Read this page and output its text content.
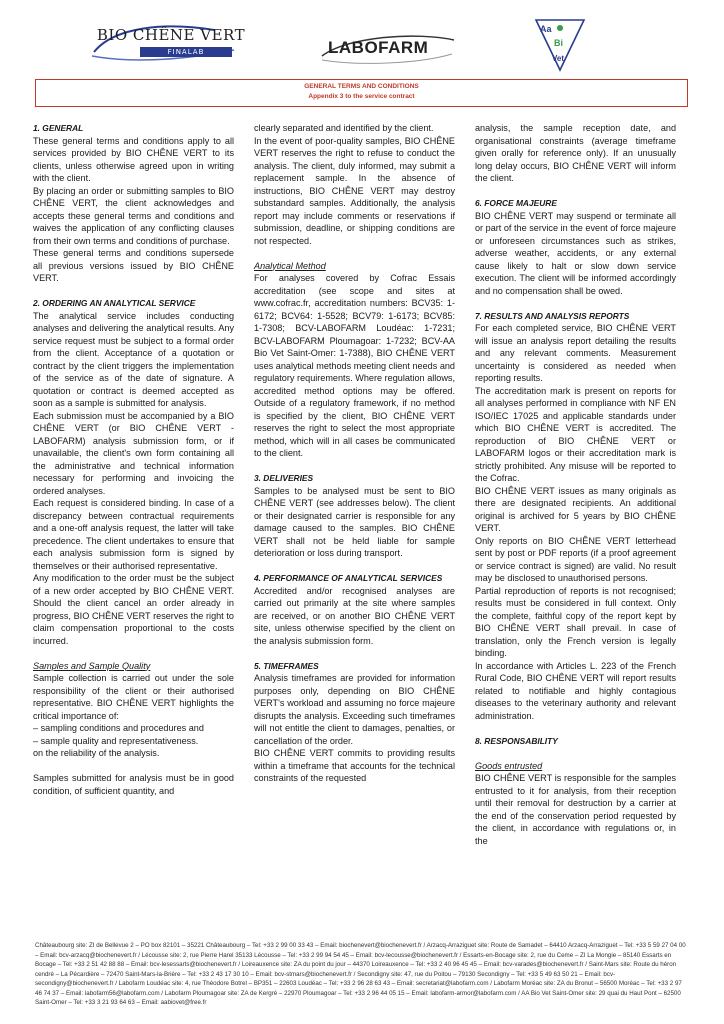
BIO CHÊNE VERT
FINALAB	LABOFARM
Aa
Bi
Vet
GENERAL TERMS AND CONDITIONS
Appendix 3 to the service contract
1. GENERAL
These general terms and conditions apply to all services provided by BIO CHÊNE VERT to its clients, unless otherwise agreed upon in writing with the client.
By placing an order or submitting samples to BIO CHÊNE VERT, the client acknowledges and accepts these general terms and conditions and waives the application of any conflicting clauses from their own terms and conditions of purchase.
These general terms and conditions supersede all previous versions issued by BIO CHÊNE VERT.
2. ORDERING AN ANALYTICAL SERVICE
The analytical service includes conducting analyses and delivering the analytical results. Any service request must be subject to a formal order from the client. Acceptance of a quotation or contract by the client triggers the implementation of the service as of the date of signature. A quotation or contract is deemed accepted as soon as a sample is submitted for analysis.
Each submission must be accompanied by a BIO CHÊNE VERT (or BIO CHÊNE VERT - LABOFARM) analysis submission form, or if unavailable, the client's own form containing all the administrative and technical information necessary for performing and invoicing the ordered analyses.
Each request is considered binding. In case of a discrepancy between contractual requirements and a one-off analysis request, the latter will take precedence. The client undertakes to ensure that each analysis submission form is signed by themselves or their authorised representative.
Any modification to the order must be the subject of a new order accepted by BIO CHÊNE VERT. Should the client cancel an order already in progress, BIO CHÊNE VERT reserves the right to claim compensation proportional to the costs incurred.
Samples and Sample Quality
Sample collection is carried out under the sole responsibility of the client or their authorised representative. BIO CHÊNE VERT highlights the critical importance of:
– sampling conditions and procedures and
– sample quality and representativeness.
on the reliability of the analysis.
Samples submitted for analysis must be in good condition, of sufficient quantity, and
clearly separated and identified by the client.
In the event of poor-quality samples, BIO CHÊNE VERT reserves the right to refuse to conduct the analysis. The client, duly informed, may submit a replacement sample. In the absence of instructions, BIO CHÊNE VERT may destroy substandard samples. Additionally, the analysis report may include comments or reservations if submission, deadline, or shipping conditions are not respected.
Analytical Method
For analyses covered by Cofrac Essais accreditation (see scope and sites at www.cofrac.fr, accreditation numbers: BCV35: 1-6172; BCV64: 1-5528; BCV79: 1-6173; BCV85: 1-7308; BCV-LABOFARM Loudéac: 1-7231; BCV-LABOFARM Ploumagoar: 1-7232; BCV-AA Bio Vet Saint-Omer: 1-7388), BIO CHÊNE VERT uses analytical methods meeting client needs and regulatory requirements. Where regulation allows, accredited method options may be offered. Outside of a regulatory framework, if no method is specified by the client, BIO CHÊNE VERT reserves the right to select the most appropriate method, which will in all cases be communicated to the client.
3. DELIVERIES
Samples to be analysed must be sent to BIO CHÊNE VERT (see addresses below). The client or their designated carrier is responsible for any damage caused to the samples. BIO CHÊNE VERT shall not be held liable for sample deterioration or loss during transport.
4. PERFORMANCE OF ANALYTICAL SERVICES
Accredited and/or recognised analyses are carried out primarily at the site where samples are received, or on another BIO CHÊNE VERT site, unless otherwise specified by the client on the analysis submission form.
5. TIMEFRAMES
Analysis timeframes are provided for information purposes only, depending on BIO CHÊNE VERT's workload and assuming no force majeure disrupts the analysis. Exceeding such timeframes will not entitle the client to damages, penalties, or cancellation of the order.
BIO CHÊNE VERT commits to providing results within a timeframe that accounts for the technical constraints of the requested
analysis, the sample reception date, and organisational constraints (average timeframe given orally for reference only). If an unusually long delay occurs, BIO CHÊNE VERT will inform the client.
6. FORCE MAJEURE
BIO CHÊNE VERT may suspend or terminate all or part of the service in the event of force majeure or unforeseen circumstances such as strikes, adverse weather, accidents, or any external cause likely to halt or slow down service execution. The client will be informed accordingly and no compensation shall be owed.
7. RESULTS AND ANALYSIS REPORTS
For each completed service, BIO CHÊNE VERT will issue an analysis report detailing the results and any relevant comments. Measurement uncertainty is considered as needed when reporting results.
The accreditation mark is present on reports for all analyses performed in compliance with NF EN ISO/IEC 17025 and applicable standards under which BIO CHÊNE VERT is accredited. The reproduction of BIO CHÊNE VERT or LABOFARM logos or their accreditation mark is strictly prohibited. Any misuse will be reported to the Cofrac.
BIO CHÊNE VERT issues as many originals as there are designated recipients. An additional original is archived for 5 years by BIO CHÊNE VERT.
Only reports on BIO CHÊNE VERT letterhead sent by post or PDF reports (if a proof agreement or service contract is signed) are valid. No result may be disclosed to unauthorised persons.
Partial reproduction of reports is not recognised; results must be considered in full context. Only the complete, faithful copy of the report kept by BIO CHÊNE VERT shall prevail. In case of translation, only the French version is legally binding.
In accordance with Articles L. 223 of the French Rural Code, BIO CHÊNE VERT will report results related to notifiable and highly contagious diseases to the veterinary authority and relevant administration.
8. RESPONSABILITY
Goods entrusted
BIO CHÊNE VERT is responsible for the samples entrusted to it for analysis, from their reception until their removal for destruction by a carrier at the end of the conservation period requested by the client, in accordance with regulations or, in the
Châteaubourg site: ZI de Bellevue 2 – PO box 82101 – 35221 Châteaubourg – Tel: +33 2 99 00 33 43 – Email: biochenevert@biochenevert.fr / Arzacq-Arraziguet site: Route de Samadet – 64410 Arzacq-Arraziguet – Tel: +33 5 59 27 04 00 – Email: bcv-arzacq@biochenevert.fr / Lécousse site: 2, rue Pierre Harel 35133 Lécousse – Tel: +33 2 99 94 54 45 – Email: bcv-lecousse@biochenevert.fr / Essarts-en-Bocage site: 2, rue du Ceme – ZI La Mongie – 85140 Essarts en Bocage – Tel: +33 2 51 42 88 88 – Email: bcv-lesessarts@biochenevert.fr / Loireauxence site: ZA du point du jour – 44370 Loireauxence – Tel: +33 2 40 96 45 45 – Email: bcv-varades@biochenevert.fr / Saint-Mars site: Route du héron cendré – La Pécardière – 72470 Saint-Mars-la-Brière – Tel: +33 2 43 17 30 10 – Email: bcv-stmars@biochenevert.fr / Secondigny site: 47, rue du Poitou – 79130 Secondigny – Tel: +33 5 49 63 50 21 – Email: bcv-secondigny@biochenevert.fr / Labofarm Loudéac site: 4, rue Théodore Botrel – BP351 – 22603 Loudéac – Tel: +33 2 96 28 63 43 – Email: secretariat@labofarm.com / Labofarm Moréac site: ZA du Bronut – 56500 Moréac – Tel: +33 2 97 46 74 37 – Email: labofarm56@labofarm.com / Labofarm Ploumagoar site: ZA de Kergré – 22970 Ploumagoar – Tel: +33 2 96 44 05 15 – Email: labofarm-armor@labofarm.com / AA Bio Vet Saint-Omer site: 29 quai du Haut Pont – 62500 Saint-Omer – Tel: +33 3 21 93 64 63 – Email: aabiovet@free.fr
